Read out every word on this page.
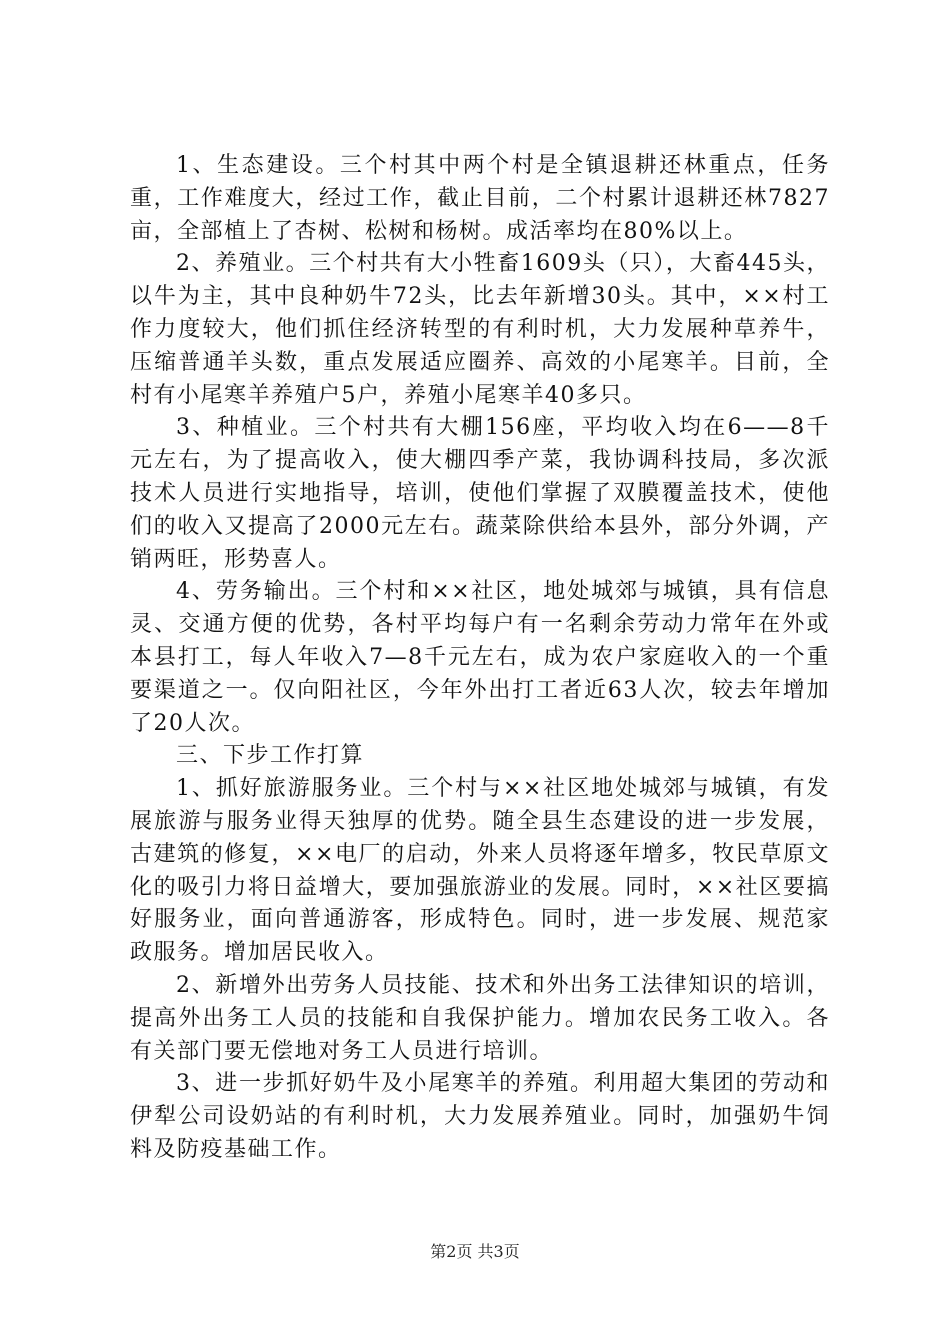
1、生态建设。三个村其中两个村是全镇退耕还林重点，任务重，工作难度大，经过工作，截止目前，二个村累计退耕还林7827亩，全部植上了杏树、松树和杨树。成活率均在80%以上。

2、养殖业。三个村共有大小牲畜1609头（只），大畜445头，以牛为主，其中良种奶牛72头，比去年新增30头。其中，××村工作力度较大，他们抓住经济转型的有利时机，大力发展种草养牛，压缩普通羊头数，重点发展适应圈养、高效的小尾寒羊。目前，全村有小尾寒羊养殖户5户，养殖小尾寒羊40多只。

3、种植业。三个村共有大棚156座，平均收入均在6——8千元左右，为了提高收入，使大棚四季产菜，我协调科技局，多次派技术人员进行实地指导，培训，使他们掌握了双膜覆盖技术，使他们的收入又提高了2000元左右。蔬菜除供给本县外，部分外调，产销两旺，形势喜人。

4、劳务输出。三个村和××社区，地处城郊与城镇，具有信息灵、交通方便的优势，各村平均每户有一名剩余劳动力常年在外或本县打工，每人年收入7—8千元左右，成为农户家庭收入的一个重要渠道之一。仅向阳社区，今年外出打工者近63人次，较去年增加了20人次。

三、下步工作打算

1、抓好旅游服务业。三个村与××社区地处城郊与城镇，有发展旅游与服务业得天独厚的优势。随全县生态建设的进一步发展，古建筑的修复，××电厂的启动，外来人员将逐年增多，牧民草原文化的吸引力将日益增大，要加强旅游业的发展。同时，××社区要搞好服务业，面向普通游客，形成特色。同时，进一步发展、规范家政服务。增加居民收入。

2、新增外出劳务人员技能、技术和外出务工法律知识的培训，提高外出务工人员的技能和自我保护能力。增加农民务工收入。各有关部门要无偿地对务工人员进行培训。

3、进一步抓好奶牛及小尾寒羊的养殖。利用超大集团的劳动和伊犁公司设奶站的有利时机，大力发展养殖业。同时，加强奶牛饲料及防疫基础工作。

第2页 共3页
